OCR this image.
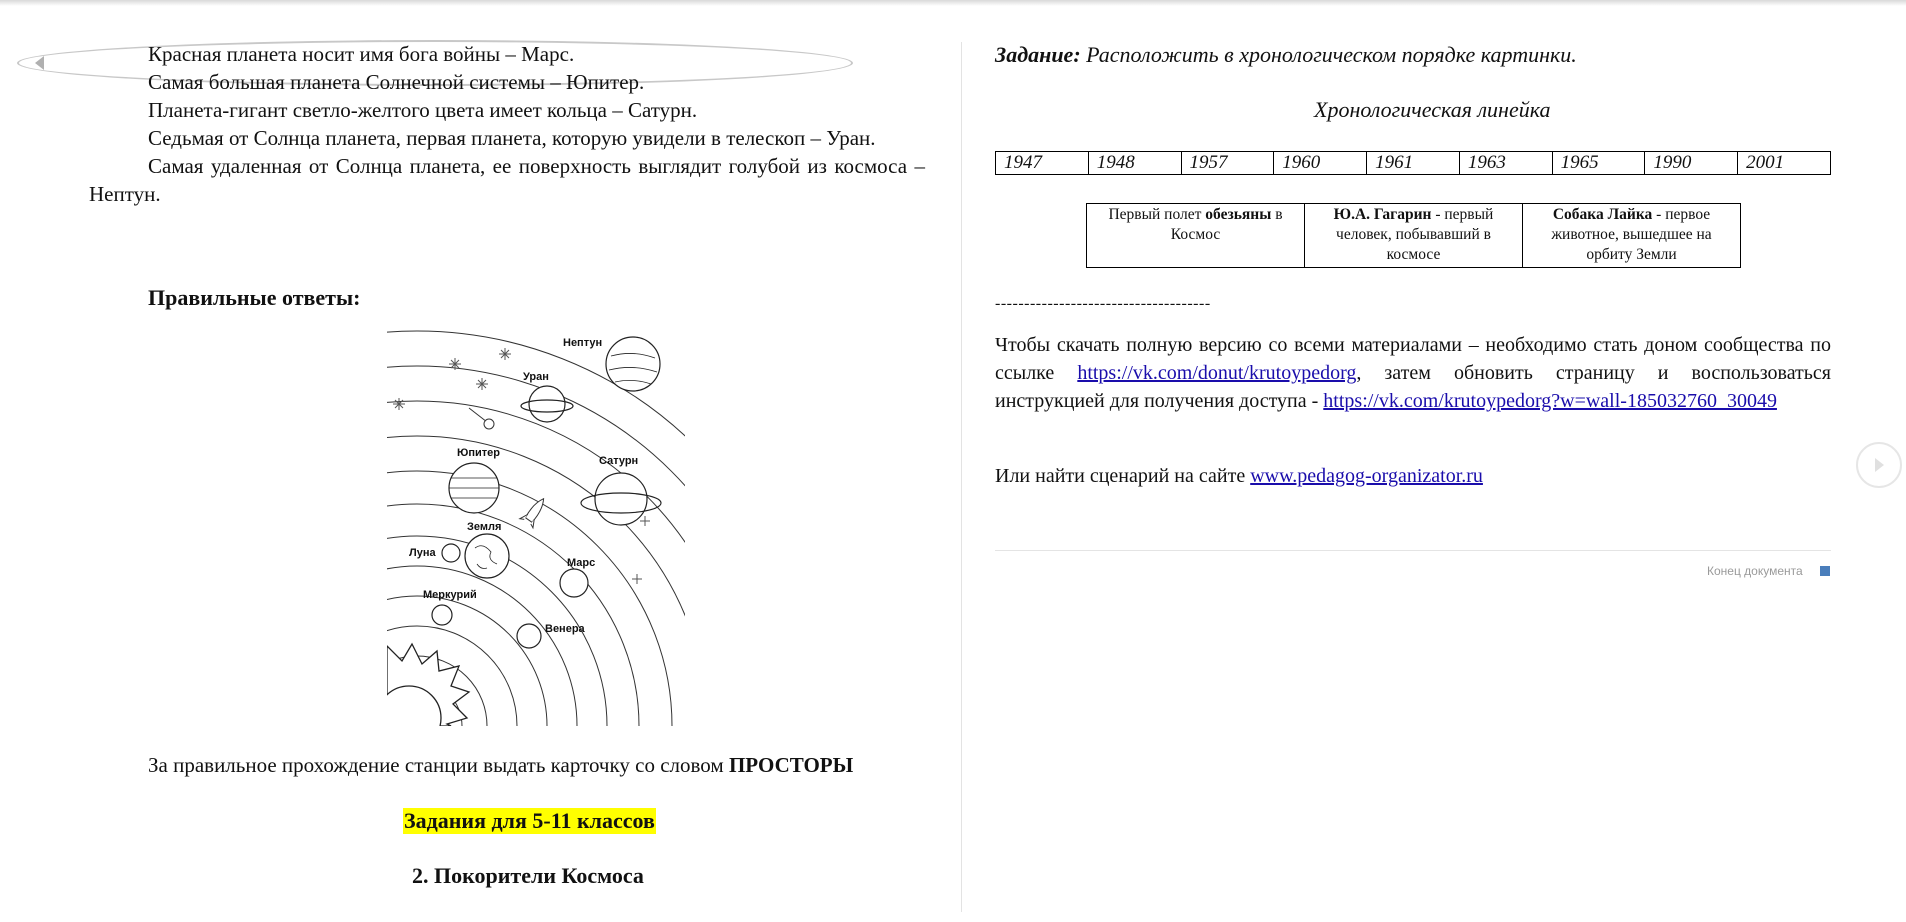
Красная планета носит имя бога войны – Марс.

Самая большая планета Солнечной системы – Юпитер.

Планета-гигант светло-желтого цвета имеет кольца – Сатурн.

Седьмая от Солнца планета, первая планета, которую увидели в телескоп – Уран.

Самая удаленная от Солнца планета, ее поверхность выглядит голубой из космоса – Нептун.

Правильные ответы:
Нептун
Уран
Юпитер
Сатурн
Земля
Луна
Марс
Меркурий
Венера
За правильное прохождение станции выдать карточку со словом ПРОСТОРЫ
Задания для 5-11 классов
2. Покорители Космоса
Задание: Расположить в хронологическом порядке картинки.
Хронологическая линейка
1947	1948	1957	1960	1961	1963	1965	1990	2001
Первый полет обезьяны в Космос	Ю.А. Гагарин - первый человек, побывавший в космосе	Собака Лайка - первое животное, вышедшее на орбиту Земли
-------------------------------------

Чтобы скачать полную версию со всеми материалами – необходимо стать доном сообщества по ссылке https://vk.com/donut/krutoypedorg, затем обновить страницу и воспользоваться инструкцией для получения доступа - https://vk.com/krutoypedorg?w=wall-185032760_30049

Или найти сценарий на сайте www.pedagog-organizator.ru
Конец документа
